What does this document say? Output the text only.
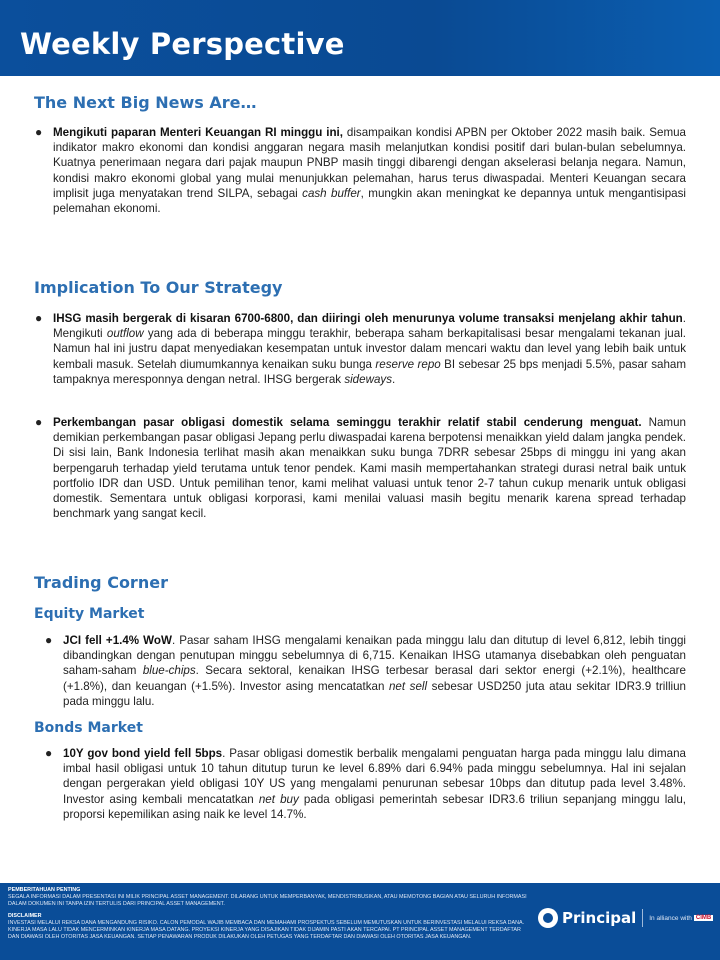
Weekly Perspective
The Next Big News Are…
● Mengikuti paparan Menteri Keuangan RI minggu ini, disampaikan kondisi APBN per Oktober 2022 masih baik. Semua indikator makro ekonomi dan kondisi anggaran negara masih melanjutkan kondisi positif dari bulan-bulan sebelumnya. Kuatnya penerimaan negara dari pajak maupun PNBP masih tinggi dibarengi dengan akselerasi belanja negara. Namun, kondisi makro ekonomi global yang mulai menunjukkan pelemahan, harus terus diwaspadai. Menteri Keuangan secara implisit juga menyatakan trend SILPA, sebagai cash buffer, mungkin akan meningkat ke depannya untuk mengantisipasi pelemahan ekonomi.
Implication To Our Strategy
● IHSG masih bergerak di kisaran 6700-6800, dan diiringi oleh menurunya volume transaksi menjelang akhir tahun. Mengikuti outflow yang ada di beberapa minggu terakhir, beberapa saham berkapitalisasi besar mengalami tekanan jual. Namun hal ini justru dapat menyediakan kesempatan untuk investor dalam mencari waktu dan level yang lebih baik untuk kembali masuk. Setelah diumumkannya kenaikan suku bunga reserve repo BI sebesar 25 bps menjadi 5.5%, pasar saham tampaknya meresponnya dengan netral. IHSG bergerak sideways.
● Perkembangan pasar obligasi domestik selama seminggu terakhir relatif stabil cenderung menguat. Namun demikian perkembangan pasar obligasi Jepang perlu diwaspadai karena berpotensi menaikkan yield dalam jangka pendek. Di sisi lain, Bank Indonesia terlihat masih akan menaikkan suku bunga 7DRR sebesar 25bps di minggu ini yang akan berpengaruh terhadap yield terutama untuk tenor pendek. Kami masih mempertahankan strategi durasi netral baik untuk portfolio IDR dan USD. Untuk pemilihan tenor, kami melihat valuasi untuk tenor 2-7 tahun cukup menarik untuk obligasi domestik. Sementara untuk obligasi korporasi, kami menilai valuasi masih begitu menarik karena spread terhadap benchmark yang sangat kecil.
Trading Corner
Equity Market
● JCI fell +1.4% WoW. Pasar saham IHSG mengalami kenaikan pada minggu lalu dan ditutup di level 6,812, lebih tinggi dibandingkan dengan penutupan minggu sebelumnya di 6,715. Kenaikan IHSG utamanya disebabkan oleh penguatan saham-saham blue-chips. Secara sektoral, kenaikan IHSG terbesar berasal dari sektor energi (+2.1%), healthcare (+1.8%), dan keuangan (+1.5%). Investor asing mencatatkan net sell sebesar USD250 juta atau sekitar IDR3.9 trilliun pada minggu lalu.
Bonds Market
● 10Y gov bond yield fell 5bps. Pasar obligasi domestik berbalik mengalami penguatan harga pada minggu lalu dimana imbal hasil obligasi untuk 10 tahun ditutup turun ke level 6.89% dari 6.94% pada minggu sebelumnya. Hal ini sejalan dengan pergerakan yield obligasi 10Y US yang mengalami penurunan sebesar 10bps dan ditutup pada level 3.48%. Investor asing kembali mencatatkan net buy pada obligasi pemerintah sebesar IDR3.6 triliun sepanjang minggu lalu, proporsi kepemilikan asing naik ke level 14.7%.
PEMBERITAHUAN PENTING
SEGALA INFORMASI DALAM PRESENTASI INI MILIK PRINCIPAL ASSET MANAGEMENT. DILARANG UNTUK MEMPERBANYAK, MENDISTRIBUSIKAN, ATAU MEMOTONG BAGIAN ATAU SELURUH INFORMASI DALAM DOKUMEN INI TANPA IZIN TERTULIS DARI PRINCIPAL ASSET MANAGEMENT.
DISCLAIMER
INVESTASI MELALUI REKSA DANA MENGANDUNG RISIKO. CALON PEMODAL WAJIB MEMBACA DAN MEMAHAMI PROSPEKTUS SEBELUM MEMUTUSKAN UNTUK BERINVESTASI MELALUI REKSA DANA. KINERJA MASA LALU TIDAK MENCERMINKAN KINERJA MASA DATANG. PROYEKSI KINERJA YANG DISAJIKAN TIDAK DIJAMIN PASTI AKAN TERCAPAI. PT PRINCIPAL ASSET MANAGEMENT TERDAFTAR DAN DIAWASI OLEH OTORITAS JASA KEUANGAN. SETIAP PENAWARAN PRODUK DILAKUKAN OLEH PETUGAS YANG TERDAFTAR DAN DIAWASI OLEH OTORITAS JASA KEUANGAN.
Principal In alliance with CIMB
